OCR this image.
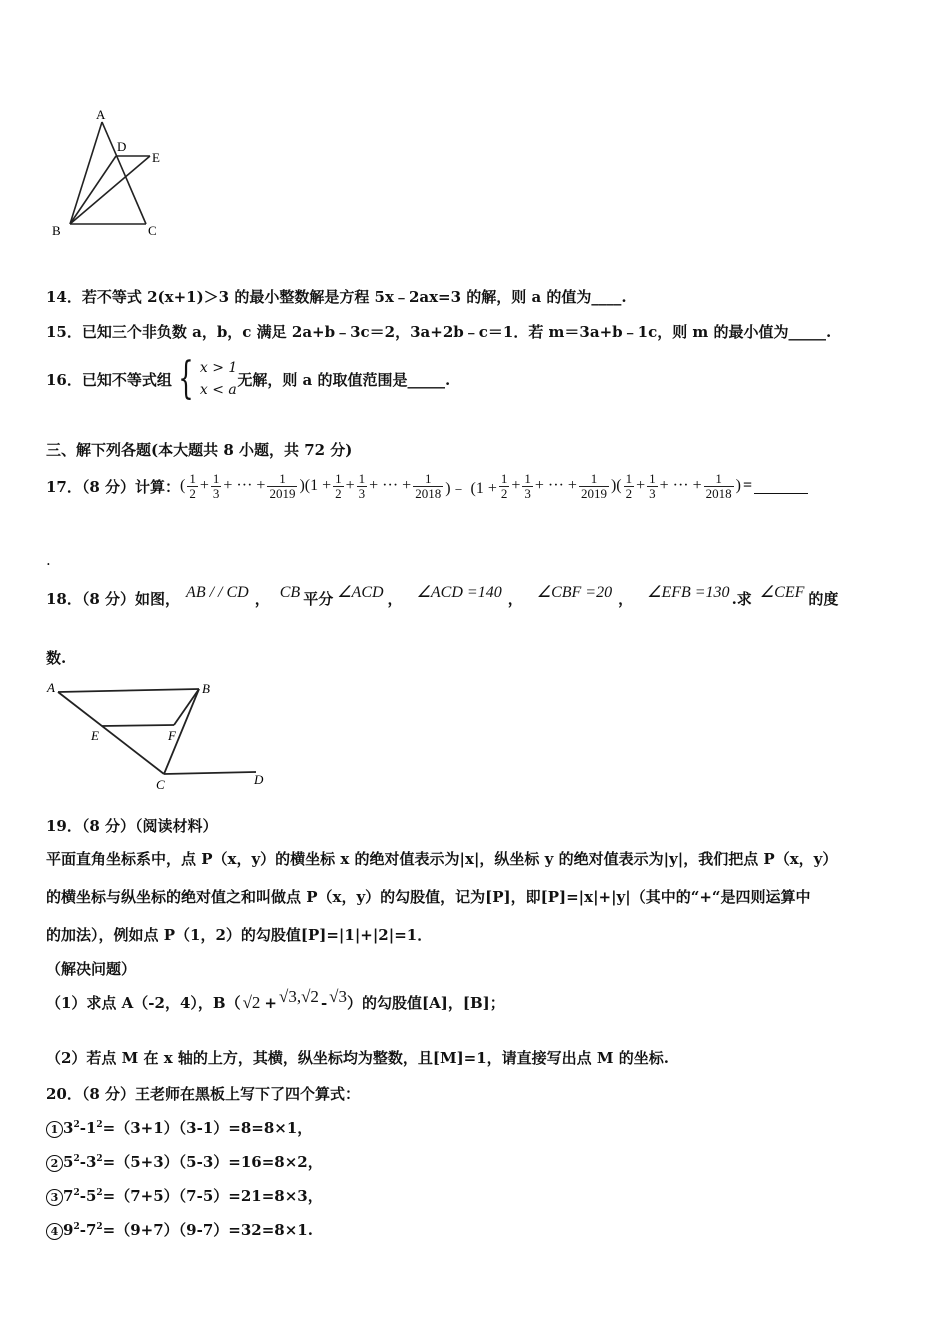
A
B	C
D
E
14．若不等式 2(x+1)＞3 的最小整数解是方程 5x﹣2ax=3 的解，则 a 的值为____.
15．已知三个非负数 a，b，c 满足 2a+b﹣3c＝2，3a+2b﹣c＝1．若 m＝3a+b﹣1c，则 m 的最小值为_____.
16．已知不等式组 { x > 1
x < a
无解，则 a 的取值范围是_____.
三、解下列各题(本大题共 8 小题，共 72 分)
17．（8 分）计算： ( $\frac{1}{2} + \frac{1}{3}$ + ··· + $\frac{1}{2019} )(1 + \frac{1}{2} + \frac{1}{3}$ + ··· + $\frac{1}{2018}$ )﹣ ($1 + \frac{1}{2} + \frac{1}{3}$ + ··· + $\frac{1}{2019}$ )( $\frac{1}{2} + \frac{1}{3}$ + ··· + $\frac{1}{2018}$ ) =
.
18．（8 分）如图， AB / / CD ， CB 平分 ∠ACD ， ∠ACD =140 ， ∠CBF =20 ， ∠EFB =130 .求 ∠CEF 的度
数.
A	B
C	D
E	F
19．（8 分）（阅读材料）
平面直角坐标系中，点 P（x，y）的横坐标 x 的绝对值表示为|x|，纵坐标 y 的绝对值表示为|y|，我们把点 P（x，y）
的横坐标与纵坐标的绝对值之和叫做点 P（x，y）的勾股值，记为[P]，即[P]=|x|+|y|（其中的“+“是四则运算中
的加法），例如点 P（1，2）的勾股值[P]=|1|+|2|=1．
（解决问题）
（1）求点 A（-2，4），B（ √2 + √3 , √2 - √3 ）的勾股值[A]，[B]；
（2）若点 M 在 x 轴的上方，其横，纵坐标均为整数，且[M]=1，请直接写出点 M 的坐标.
20．（8 分）王老师在黑板上写下了四个算式：
1 $3^2-1^2=(3+1)(3-1)=8=8\times 1$，
2 $5^2-3^2=(5+3)(5-3)=16=8\times 2$，
3 $7^2-5^2=(7+5)(7-5)=21=8\times 3$，
4 $9^2-7^2=(9+7)(9-7)=32=8\times 1$.
